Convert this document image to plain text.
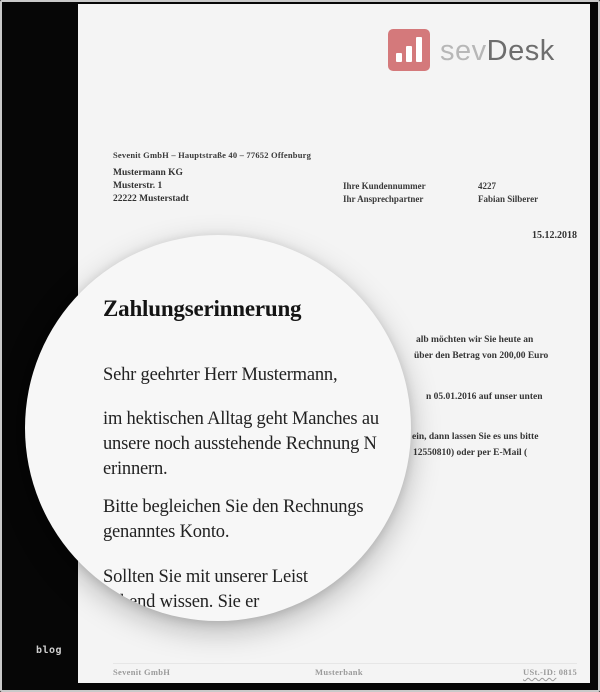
sevDesk
Sevenit GmbH – Hauptstraße 40 – 77652 Offenburg
Mustermann KG
Musterstr. 1
22222 Musterstadt
Ihre Kundennummer	4227
Ihr Ansprechpartner	Fabian Silberer
15.12.2018
alb möchten wir Sie heute an
über den Betrag von 200,00 Euro
n 05.01.2016 auf unser unten
ein, dann lassen Sie es uns bitte
12550810) oder per E-Mail (
Sevenit GmbH	Musterbank	USt.-ID: 0815
Zahlungserinnerung
Sehr geehrter Herr Mustermann,
im hektischen Alltag geht Manches au
unsere noch ausstehende Rechnung N
erinnern.
Bitte begleichen Sie den Rechnungs
genanntes Konto.
Sollten Sie mit unserer Leist
ehend wissen. Sie er
blog
